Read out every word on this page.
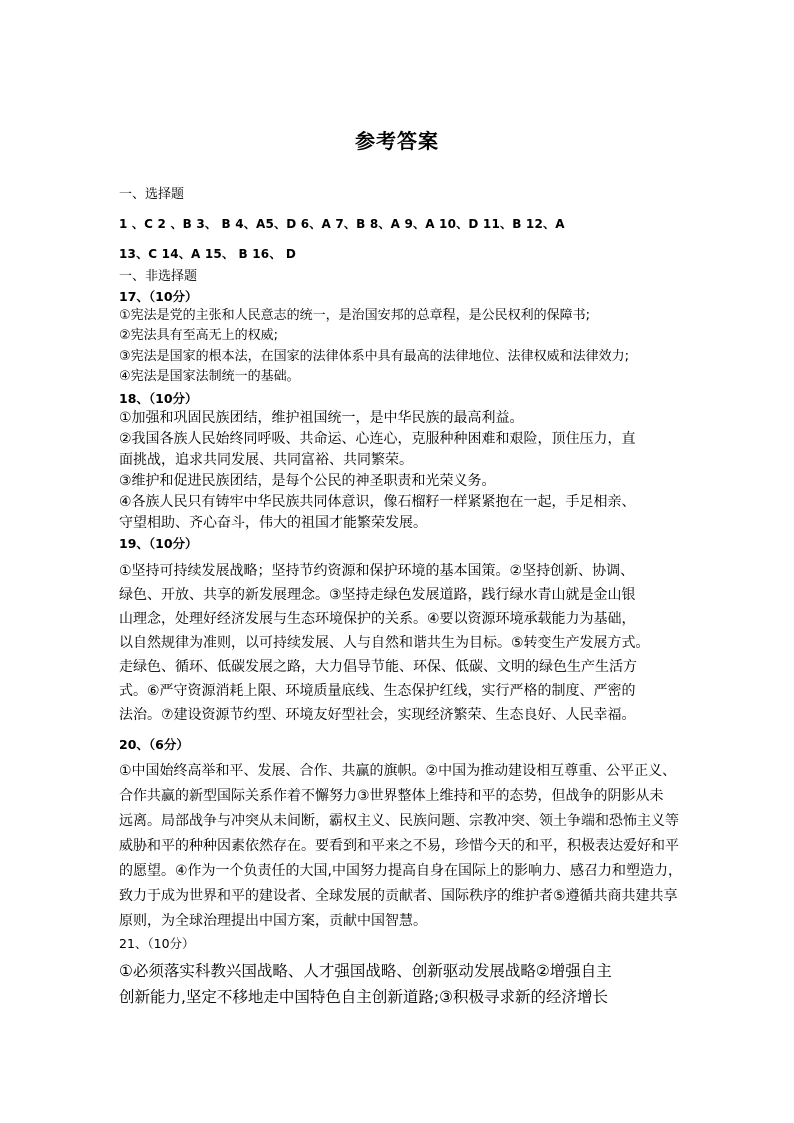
参考答案
一、选择题
1 、C 2 、B 3、 B 4、A5、D 6、A 7、B 8、A 9、A 10、D 11、B 12、A
13、C 14、A 15、 B 16、 D
一、非选择题
17、（10分）
①宪法是党的主张和人民意志的统一，是治国安邦的总章程，是公民权利的保障书;
②宪法具有至高无上的权威;
③宪法是国家的根本法，在国家的法律体系中具有最高的法律地位、法律权威和法律效力;
④宪法是国家法制统一的基础。
18、（10分）
①加强和巩固民族团结，维护祖国统一，是中华民族的最高利益。
②我国各族人民始终同呼吸、共命运、心连心，克服种种困难和艰险，顶住压力，直
面挑战，追求共同发展、共同富裕、共同繁荣。
③维护和促进民族团结，是每个公民的神圣职责和光荣义务。
④各族人民只有铸牢中华民族共同体意识，像石榴籽一样紧紧抱在一起，手足相亲、
守望相助、齐心奋斗，伟大的祖国才能繁荣发展。
19、（10分）
①坚持可持续发展战略；坚持节约资源和保护环境的基本国策。②坚持创新、协调、
绿色、开放、共享的新发展理念。③坚持走绿色发展道路，践行绿水青山就是金山银
山理念，处理好经济发展与生态环境保护的关系。④要以资源环境承载能力为基础，
以自然规律为准则，以可持续发展、人与自然和谐共生为目标。⑤转变生产发展方式。
走绿色、循环、低碳发展之路，大力倡导节能、环保、低碳、文明的绿色生产生活方
式。⑥严守资源消耗上限、环境质量底线、生态保护红线，实行严格的制度、严密的
法治。⑦建设资源节约型、环境友好型社会，实现经济繁荣、生态良好、人民幸福。
20、（6分）
①中国始终高举和平、发展、合作、共赢的旗帜。②中国为推动建设相互尊重、公平正义、
合作共赢的新型国际关系作着不懈努力③世界整体上维持和平的态势，但战争的阴影从未
远离。局部战争与冲突从未间断，霸权主义、民族问题、宗教冲突、领土争端和恐怖主义等
威胁和平的种种因素依然存在。要看到和平来之不易，珍惜今天的和平，积极表达爱好和平
的愿望。④作为一个负责任的大国,中国努力提高自身在国际上的影响力、感召力和塑造力，
致力于成为世界和平的建设者、全球发展的贡献者、国际秩序的维护者⑤遵循共商共建共享
原则，为全球治理提出中国方案，贡献中国智慧。
21、（10分）
①必须落实科教兴国战略、人才强国战略、创新驱动发展战略②增强自主
创新能力,坚定不移地走中国特色自主创新道路;③积极寻求新的经济增长
